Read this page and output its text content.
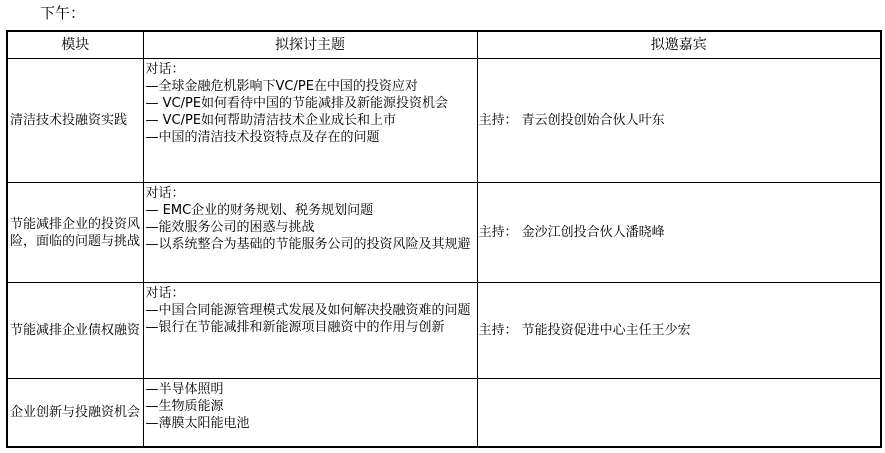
下午：
模块	拟探讨主题	拟邀嘉宾
清洁技术投融资实践	对话：
—全球金融危机影响下VC/PE在中国的投资应对
— VC/PE如何看待中国的节能减排及新能源投资机会
— VC/PE如何帮助清洁技术企业成长和上市
—中国的清洁技术投资特点及存在的问题	主持： 青云创投创始合伙人叶东
节能减排企业的投资风险，面临的问题与挑战	对话：
— EMC企业的财务规划、税务规划问题
—能效服务公司的困惑与挑战
—以系统整合为基础的节能服务公司的投资风险及其规避	主持： 金沙江创投合伙人潘晓峰
节能减排企业债权融资	对话：
—中国合同能源管理模式发展及如何解决投融资难的问题
—银行在节能减排和新能源项目融资中的作用与创新	主持： 节能投资促进中心主任王少宏
企业创新与投融资机会	—半导体照明
—生物质能源
—薄膜太阳能电池	
